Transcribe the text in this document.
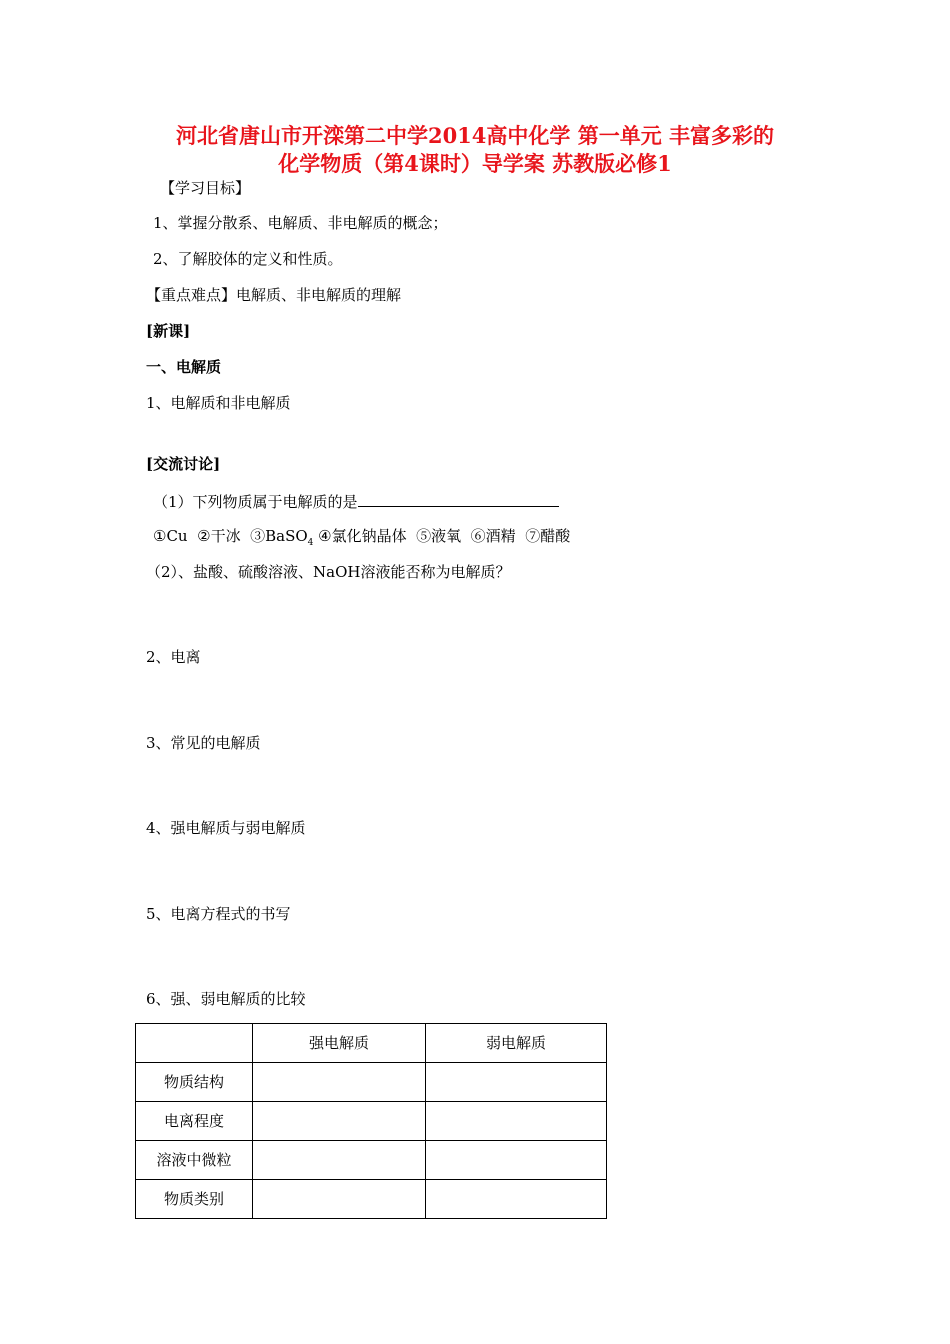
河北省唐山市开滦第二中学2014高中化学 第一单元 丰富多彩的
化学物质（第4课时）导学案 苏教版必修1
【学习目标】
1、掌握分散系、电解质、非电解质的概念；
2、了解胶体的定义和性质。
【重点难点】电解质、非电解质的理解
[新课]
一、电解质
1、电解质和非电解质
[交流讨论]
（1）下列物质属于电解质的是
①Cu  ②干冰  ③BaSO$_4$ ④氯化钠晶体  ⑤液氧  ⑥酒精  ⑦醋酸
（2）、盐酸、硫酸溶液、NaOH溶液能否称为电解质？
2、电离
3、常见的电解质
4、强电解质与弱电解质
5、电离方程式的书写
6、强、弱电解质的比较

	强电解质	弱电解质

物质结构		

电离程度		

溶液中微粒		

物质类别		
